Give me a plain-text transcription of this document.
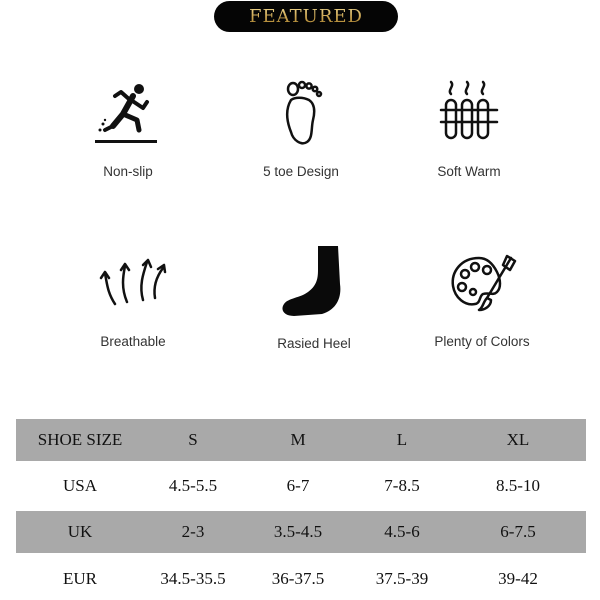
FEATURED
Non-slip	5 toe Design	Soft Warm
Breathable	Rasied Heel	Plenty of Colors
SHOE SIZE	S	M	L	XL
USA	4.5-5.5	6-7	7-8.5	8.5-10
UK	2-3	3.5-4.5	4.5-6	6-7.5
EUR	34.5-35.5	36-37.5	37.5-39	39-42
